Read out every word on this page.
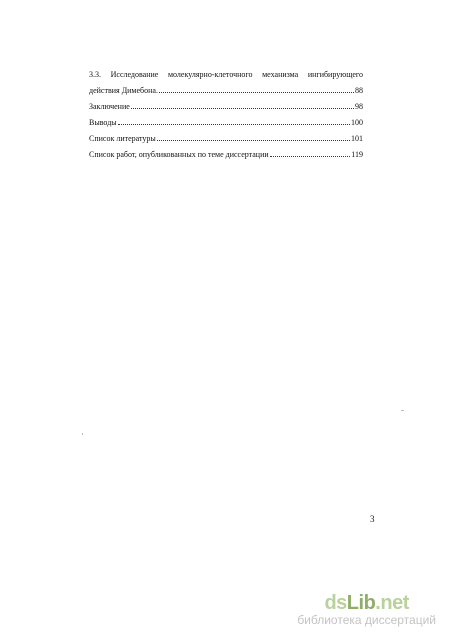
3.3. Исследование молекулярно-клеточного механизма ингибирующего
действия Димебона.	88
Заключение	98
Выводы	100
Список литературы	101
Список работ, опубликованных по теме диссертации	119
3
dsLib.net
библиотека диссертаций
